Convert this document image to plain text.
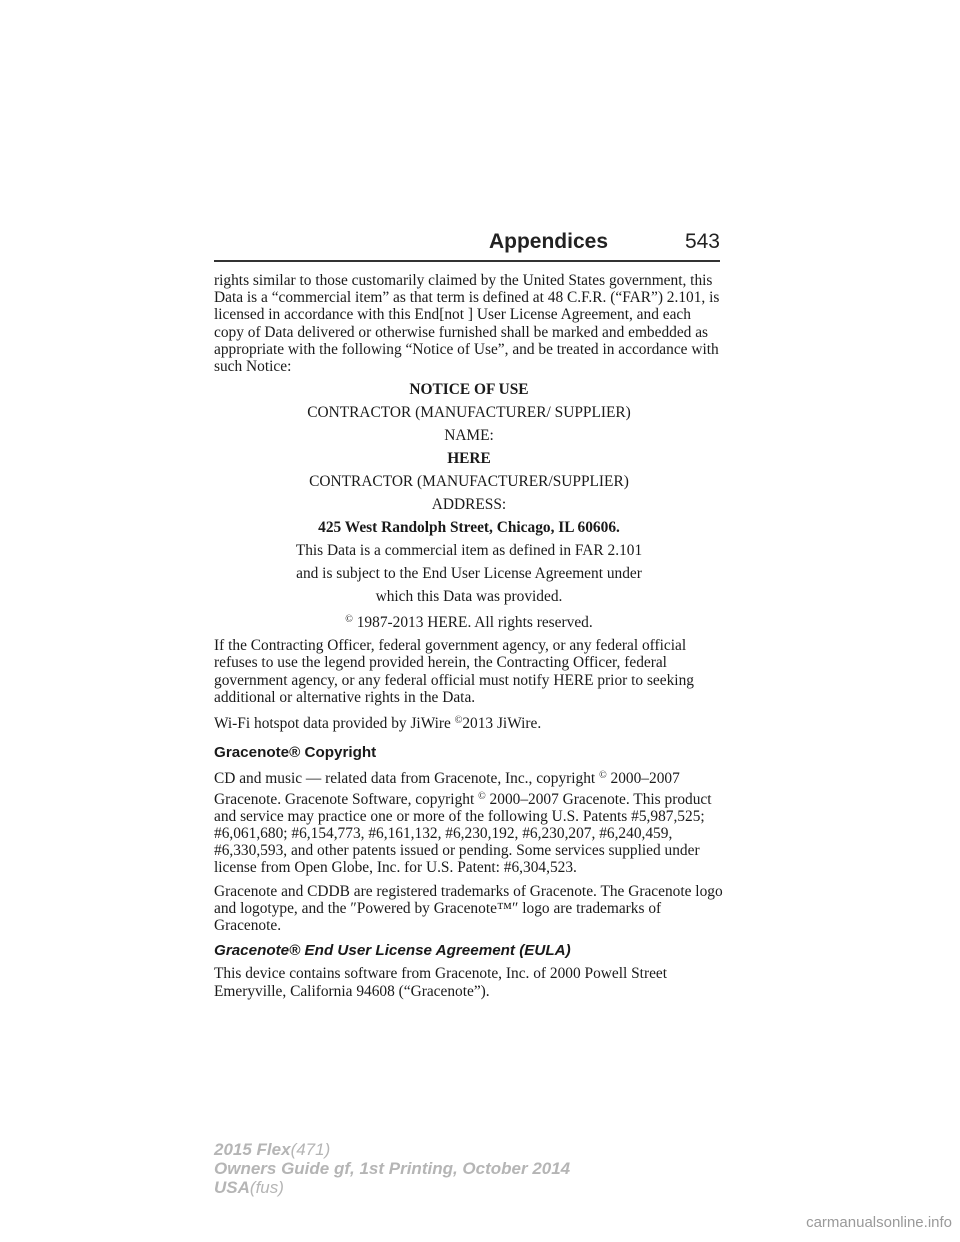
Appendices	543

rights similar to those customarily claimed by the United States government, this Data is a “commercial item” as that term is defined at 48 C.F.R. (“FAR”) 2.101, is licensed in accordance with this End[not ] User License Agreement, and each copy of Data delivered or otherwise furnished shall be marked and embedded as appropriate with the following “Notice of Use”, and be treated in accordance with such Notice:

NOTICE OF USE

CONTRACTOR (MANUFACTURER/ SUPPLIER)

NAME:

HERE

CONTRACTOR (MANUFACTURER/SUPPLIER)

ADDRESS:

425 West Randolph Street, Chicago, IL 60606.

This Data is a commercial item as defined in FAR 2.101

and is subject to the End User License Agreement under

which this Data was provided.

© 1987-2013 HERE. All rights reserved.

If the Contracting Officer, federal government agency, or any federal official refuses to use the legend provided herein, the Contracting Officer, federal government agency, or any federal official must notify HERE prior to seeking additional or alternative rights in the Data.

Wi-Fi hotspot data provided by JiWire ©2013 JiWire.

Gracenote® Copyright

CD and music — related data from Gracenote, Inc., copyright © 2000–2007 Gracenote. Gracenote Software, copyright © 2000–2007 Gracenote. This product and service may practice one or more of the following U.S. Patents #5,987,525; #6,061,680; #6,154,773, #6,161,132, #6,230,192, #6,230,207, #6,240,459, #6,330,593, and other patents issued or pending. Some services supplied under license from Open Globe, Inc. for U.S. Patent: #6,304,523.

Gracenote and CDDB are registered trademarks of Gracenote. The Gracenote logo and logotype, and the ″Powered by Gracenote™″ logo are trademarks of Gracenote.

Gracenote® End User License Agreement (EULA)

This device contains software from Gracenote, Inc. of 2000 Powell Street Emeryville, California 94608 (“Gracenote”).

2015 Flex(471)
Owners Guide gf, 1st Printing, October 2014
USA(fus)
carmanualsonline.info
